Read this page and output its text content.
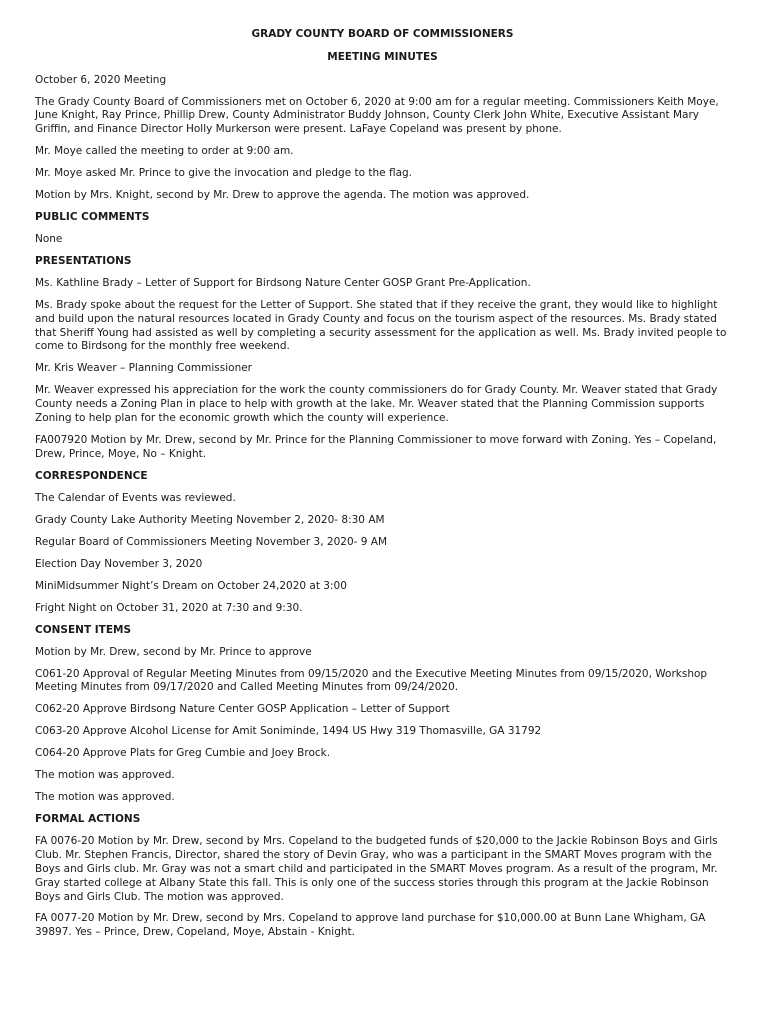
GRADY COUNTY BOARD OF COMMISSIONERS
MEETING MINUTES
October 6, 2020 Meeting
The Grady County Board of Commissioners met on October 6, 2020 at 9:00 am for a regular meeting. Commissioners Keith Moye, June Knight, Ray Prince, Phillip Drew, County Administrator Buddy Johnson, County Clerk John White, Executive Assistant Mary Griffin, and Finance Director Holly Murkerson were present. LaFaye Copeland was present by phone.
Mr. Moye called the meeting to order at 9:00 am.
Mr. Moye asked Mr. Prince to give the invocation and pledge to the flag.
Motion by Mrs. Knight, second by Mr. Drew to approve the agenda. The motion was approved.
PUBLIC COMMENTS
None
PRESENTATIONS
Ms. Kathline Brady – Letter of Support for Birdsong Nature Center GOSP Grant Pre-Application.
Ms. Brady spoke about the request for the Letter of Support. She stated that if they receive the grant, they would like to highlight and build upon the natural resources located in Grady County and focus on the tourism aspect of the resources. Ms. Brady stated that Sheriff Young had assisted as well by completing a security assessment for the application as well. Ms. Brady invited people to come to Birdsong for the monthly free weekend.
Mr. Kris Weaver – Planning Commissioner
Mr. Weaver expressed his appreciation for the work the county commissioners do for Grady County. Mr. Weaver stated that Grady County needs a Zoning Plan in place to help with growth at the lake. Mr. Weaver stated that the Planning Commission supports Zoning to help plan for the economic growth which the county will experience.
FA007920 Motion by Mr. Drew, second by Mr. Prince for the Planning Commissioner to move forward with Zoning. Yes – Copeland, Drew, Prince, Moye, No – Knight.
CORRESPONDENCE
The Calendar of Events was reviewed.
Grady County Lake Authority Meeting November 2, 2020- 8:30 AM
Regular Board of Commissioners Meeting November 3, 2020- 9 AM
Election Day November 3, 2020
MiniMidsummer Night’s Dream on October 24,2020 at 3:00
Fright Night on October 31, 2020 at 7:30 and 9:30.
CONSENT ITEMS
Motion by Mr. Drew, second by Mr. Prince to approve
C061-20 Approval of Regular Meeting Minutes from 09/15/2020 and the Executive Meeting Minutes from 09/15/2020, Workshop Meeting Minutes from 09/17/2020 and Called Meeting Minutes from 09/24/2020.
C062-20 Approve Birdsong Nature Center GOSP Application – Letter of Support
C063-20 Approve Alcohol License for Amit Soniminde, 1494 US Hwy 319 Thomasville, GA 31792
C064-20 Approve Plats for Greg Cumbie and Joey Brock.
The motion was approved.
The motion was approved.
FORMAL ACTIONS
FA 0076-20 Motion by Mr. Drew, second by Mrs. Copeland to the budgeted funds of $20,000 to the Jackie Robinson Boys and Girls Club. Mr. Stephen Francis, Director, shared the story of Devin Gray, who was a participant in the SMART Moves program with the Boys and Girls club. Mr. Gray was not a smart child and participated in the SMART Moves program. As a result of the program, Mr. Gray started college at Albany State this fall. This is only one of the success stories through this program at the Jackie Robinson Boys and Girls Club. The motion was approved.
FA 0077-20 Motion by Mr. Drew, second by Mrs. Copeland to approve land purchase for $10,000.00 at Bunn Lane Whigham, GA 39897. Yes – Prince, Drew, Copeland, Moye, Abstain - Knight.
